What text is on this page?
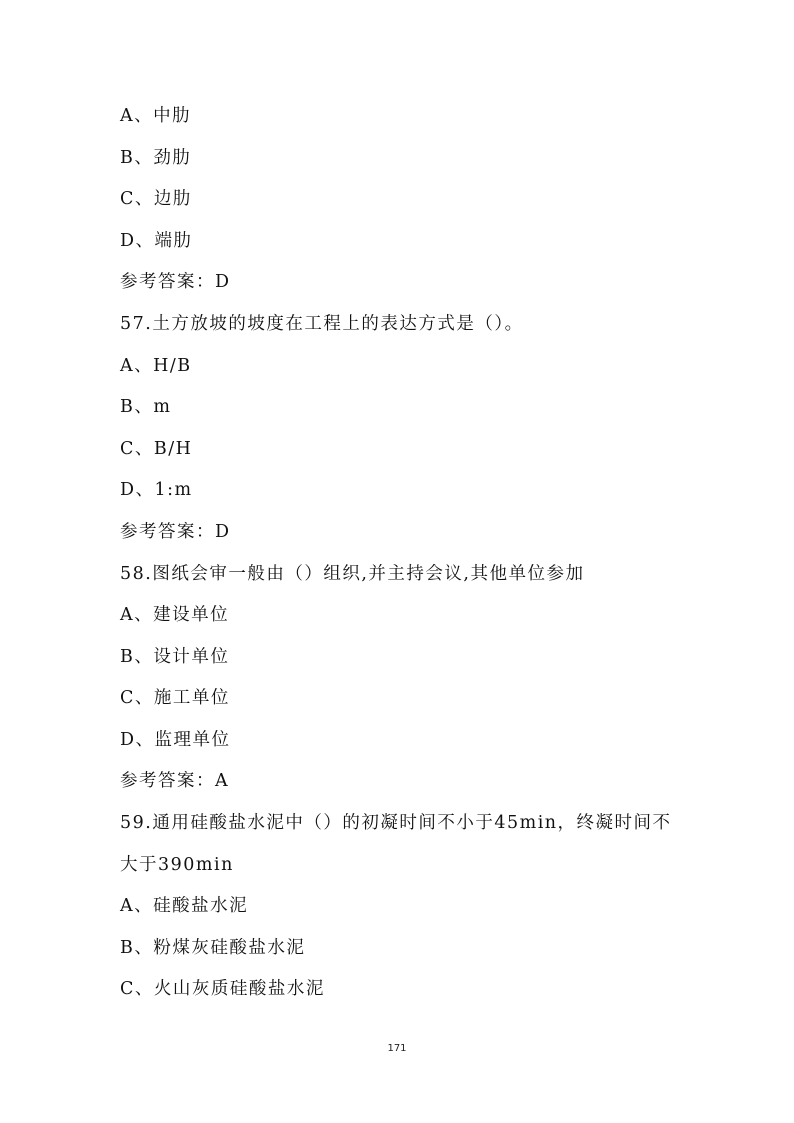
A、中肋
B、劲肋
C、边肋
D、端肋
参考答案：D
57.土方放坡的坡度在工程上的表达方式是（）。
A、H/B
B、m
C、B/H
D、1:m
参考答案：D
58.图纸会审一般由（）组织,并主持会议,其他单位参加
A、建设单位
B、设计单位
C、施工单位
D、监理单位
参考答案：A
59.通用硅酸盐水泥中（）的初凝时间不小于45min，终凝时间不
大于390min
A、硅酸盐水泥
B、粉煤灰硅酸盐水泥
C、火山灰质硅酸盐水泥
171
